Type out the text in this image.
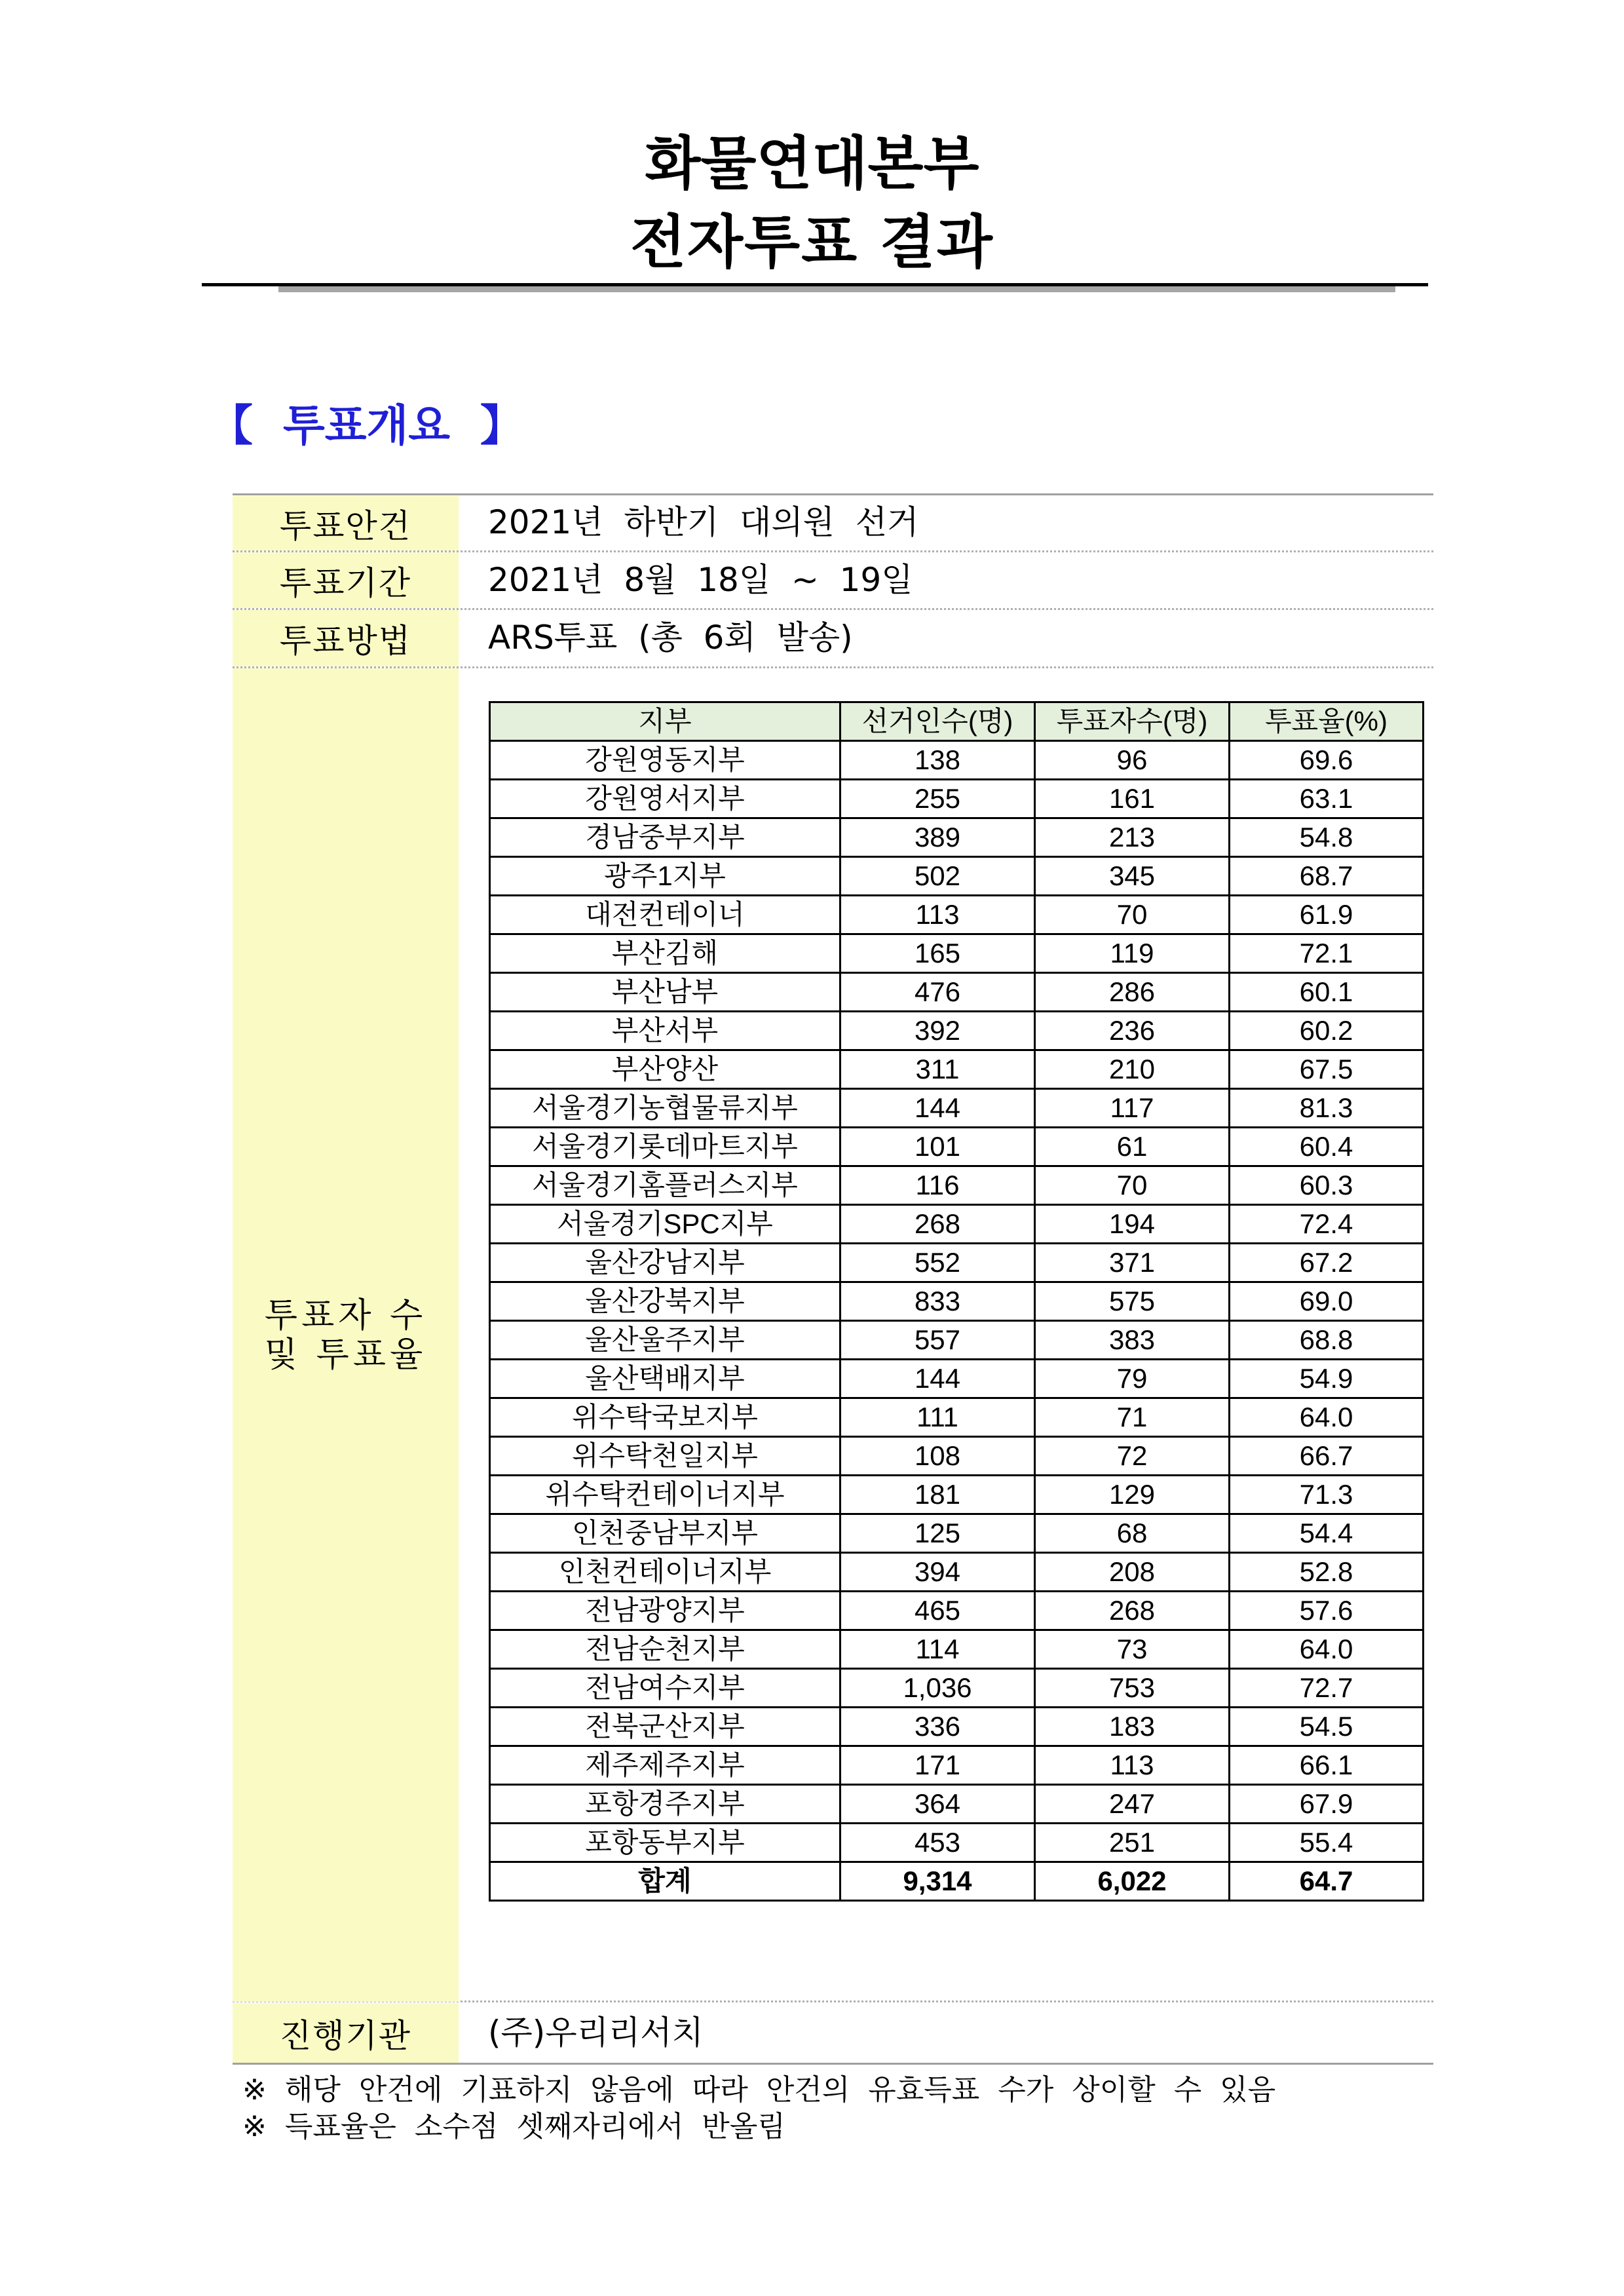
화물연대본부
전자투표 결과
【  투표개요  】
투표안건	2021년  하반기  대의원  선거
투표기간	2021년  8월  18일  ~  19일
투표방법	ARS투표  (총  6회  발송)
투표자 수
및 투표율
지부	선거인수(명)	투표자수(명)	투표율(%)
강원영동지부	138	96	69.6
강원영서지부	255	161	63.1
경남중부지부	389	213	54.8
광주1지부	502	345	68.7
대전컨테이너	113	70	61.9
부산김해	165	119	72.1
부산남부	476	286	60.1
부산서부	392	236	60.2
부산양산	311	210	67.5
서울경기농협물류지부	144	117	81.3
서울경기롯데마트지부	101	61	60.4
서울경기홈플러스지부	116	70	60.3
서울경기SPC지부	268	194	72.4
울산강남지부	552	371	67.2
울산강북지부	833	575	69.0
울산울주지부	557	383	68.8
울산택배지부	144	79	54.9
위수탁국보지부	111	71	64.0
위수탁천일지부	108	72	66.7
위수탁컨테이너지부	181	129	71.3
인천중남부지부	125	68	54.4
인천컨테이너지부	394	208	52.8
전남광양지부	465	268	57.6
전남순천지부	114	73	64.0
전남여수지부	1,036	753	72.7
전북군산지부	336	183	54.5
제주제주지부	171	113	66.1
포항경주지부	364	247	67.9
포항동부지부	453	251	55.4
합계	9,314	6,022	64.7
진행기관	(주)우리리서치
※  해당  안건에  기표하지  않음에  따라  안건의  유효득표  수가  상이할  수  있음
※  득표율은  소수점  셋째자리에서  반올림
